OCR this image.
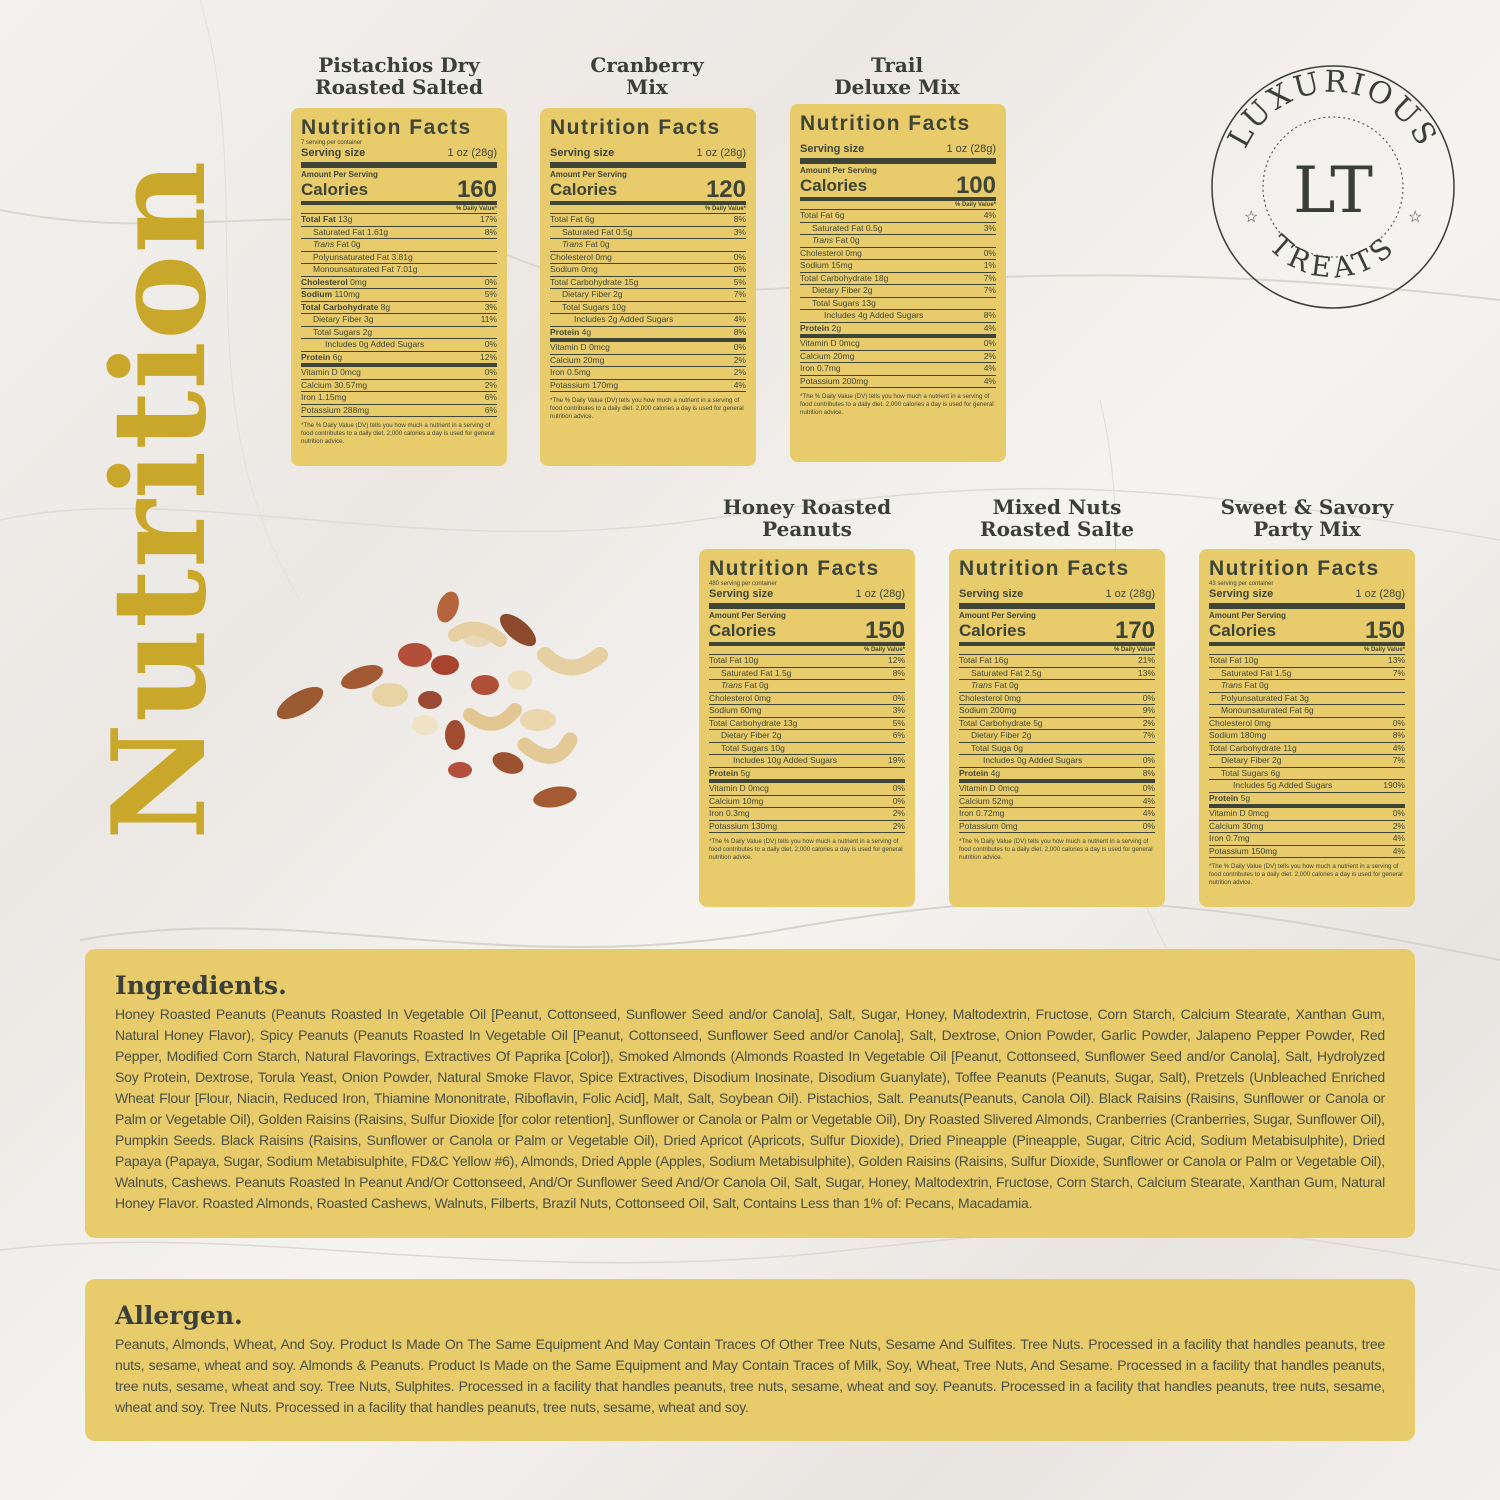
Nutrition
LUXURIOUS
TREATS
LT
☆	☆
Pistachios Dry
Roasted Salted
Cranberry
Mix
Trail
Deluxe Mix
Honey Roasted
Peanuts
Mixed Nuts
Roasted Salte
Sweet & Savory
Party Mix
Nutrition Facts
7 serving per container
Serving size	1 oz (28g)
Amount Per Serving
Calories	160
% Daily Value*
Total Fat 13g	17%
Saturated Fat 1.61g	8%
Trans Fat 0g
Polyunsaturated Fat 3.81g
Monounsaturated Fat 7.01g
Cholesterol 0mg	0%
Sodium 110mg	5%
Total Carbohydrate 8g	3%
Dietary Fiber 3g	11%
Total Sugars 2g
Includes 0g Added Sugars	0%
Protein 6g	12%
Vitamin D 0mcg	0%
Calcium 30.57mg	2%
Iron 1.15mg	6%
Potassium 288mg	6%
*The % Daily Value (DV) tells you how much a nutrient in a serving of food contributes to a daily diet. 2,000 calories a day is used for general nutrition advice.
Nutrition Facts
Serving size	1 oz (28g)
Amount Per Serving
Calories	120
% Daily Value*
Total Fat 6g	8%
Saturated Fat 0.5g	3%
Trans Fat 0g
Cholesterol 0mg	0%
Sodium 0mg	0%
Total Carbohydrate 15g	5%
Dietary Fiber 2g	7%
Total Sugars 10g
Includes 2g Added Sugars	4%
Protein 4g	8%
Vitamin D 0mcg	0%
Calcium 20mg	2%
Iron 0.5mg	2%
Potassium 170mg	4%
*The % Daily Value (DV) tells you how much a nutrient in a serving of food contributes to a daily diet. 2,000 calories a day is used for general nutrition advice.
Nutrition Facts
Serving size	1 oz (28g)
Amount Per Serving
Calories	100
% Daily Value*
Total Fat 6g	4%
Saturated Fat 0.5g	3%
Trans Fat 0g
Cholesterol 0mg	0%
Sodium 15mg	1%
Total Carbohydrate 18g	7%
Dietary Fiber 2g	7%
Total Sugars 13g
Includes 4g Added Sugars	8%
Protein 2g	4%
Vitamin D 0mcg	0%
Calcium 20mg	2%
Iron 0.7mg	4%
Potassium 200mg	4%
*The % Daily Value (DV) tells you how much a nutrient in a serving of food contributes to a daily diet. 2,000 calories a day is used for general nutrition advice.
Nutrition Facts
480 serving per container
Serving size	1 oz (28g)
Amount Per Serving
Calories	150
% Daily Value*
Total Fat 10g	12%
Saturated Fat 1.5g	8%
Trans Fat 0g
Cholesterol 0mg	0%
Sodium 60mg	3%
Total Carbohydrate 13g	5%
Dietary Fiber 2g	6%
Total Sugars 10g
Includes 10g Added Sugars	19%
Protein 5g
Vitamin D 0mcg	0%
Calcium 10mg	0%
Iron 0.3mg	2%
Potassium 130mg	2%
*The % Daily Value (DV) tells you how much a nutrient in a serving of food contributes to a daily diet. 2,000 calories a day is used for general nutrition advice.
Nutrition Facts
Serving size	1 oz (28g)
Amount Per Serving
Calories	170
% Daily Value*
Total Fat 16g	21%
Saturated Fat 2.5g	13%
Trans Fat 0g
Cholesterol 0mg	0%
Sodium 200mg	9%
Total Carbohydrate 5g	2%
Dietary Fiber 2g	7%
Total Suga 0g
Includes 0g Added Sugars	0%
Protein 4g	8%
Vitamin D 0mcg	0%
Calcium 52mg	4%
Iron 0.72mg	4%
Potassium 0mg	0%
*The % Daily Value (DV) tells you how much a nutrient in a serving of food contributes to a daily diet. 2,000 calories a day is used for general nutrition advice.
Nutrition Facts
43 serving per container
Serving size	1 oz (28g)
Amount Per Serving
Calories	150
% Daily Value*
Total Fat 10g	13%
Saturated Fat 1.5g	7%
Trans Fat 0g
Polyunsaturated Fat 3g
Monounsaturated Fat 6g
Cholesterol 0mg	0%
Sodium 180mg	8%
Total Carbohydrate 11g	4%
Dietary Fiber 2g	7%
Total Sugars 6g
Includes 5g Added Sugars	190%
Protein 5g
Vitamin D 0mcg	0%
Calcium 30mg	2%
Iron 0.7mg	4%
Potassium 150mg	4%
*The % Daily Value (DV) tells you how much a nutrient in a serving of food contributes to a daily diet. 2,000 calories a day is used for general nutrition advice.
Ingredients.

Honey Roasted Peanuts (Peanuts Roasted In Vegetable Oil [Peanut, Cottonseed, Sunflower Seed and/or Canola], Salt, Sugar, Honey, Maltodextrin, Fructose, Corn Starch, Calcium Stearate, Xanthan Gum, Natural Honey Flavor), Spicy Peanuts (Peanuts Roasted In Vegetable Oil [Peanut, Cottonseed, Sunflower Seed and/or Canola], Salt, Dextrose, Onion Powder, Garlic Powder, Jalapeno Pepper Powder, Red Pepper, Modified Corn Starch, Natural Flavorings, Extractives Of Paprika [Color]), Smoked Almonds (Almonds Roasted In Vegetable Oil [Peanut, Cottonseed, Sunflower Seed and/or Canola], Salt, Hydrolyzed Soy Protein, Dextrose, Torula Yeast, Onion Powder, Natural Smoke Flavor, Spice Extractives, Disodium Inosinate, Disodium Guanylate), Toffee Peanuts (Peanuts, Sugar, Salt), Pretzels (Unbleached Enriched Wheat Flour [Flour, Niacin, Reduced Iron, Thiamine Mononitrate, Riboflavin, Folic Acid], Malt, Salt, Soybean Oil). Pistachios, Salt. Peanuts(Peanuts, Canola Oil). Black Raisins (Raisins, Sunflower or Canola or Palm or Vegetable Oil), Golden Raisins (Raisins, Sulfur Dioxide [for color retention], Sunflower or Canola or Palm or Vegetable Oil), Dry Roasted Slivered Almonds, Cranberries (Cranberries, Sugar, Sunflower Oil), Pumpkin Seeds. Black Raisins (Raisins, Sunflower or Canola or Palm or Vegetable Oil), Dried Apricot (Apricots, Sulfur Dioxide), Dried Pineapple (Pineapple, Sugar, Citric Acid, Sodium Metabisulphite), Dried Papaya (Papaya, Sugar, Sodium Metabisulphite, FD&C Yellow #6), Almonds, Dried Apple (Apples, Sodium Metabisulphite), Golden Raisins (Raisins, Sulfur Dioxide, Sunflower or Canola or Palm or Vegetable Oil), Walnuts, Cashews. Peanuts Roasted In Peanut And/Or Cottonseed, And/Or Sunflower Seed And/Or Canola Oil, Salt, Sugar, Honey, Maltodextrin, Fructose, Corn Starch, Calcium Stearate, Xanthan Gum, Natural Honey Flavor. Roasted Almonds, Roasted Cashews, Walnuts, Filberts, Brazil Nuts, Cottonseed Oil, Salt, Contains Less than 1% of: Pecans, Macadamia.

Allergen.

Peanuts, Almonds, Wheat, And Soy. Product Is Made On The Same Equipment And May Contain Traces Of Other Tree Nuts, Sesame And Sulfites. Tree Nuts. Processed in a facility that handles peanuts, tree nuts, sesame, wheat and soy. Almonds & Peanuts. Product Is Made on the Same Equipment and May Contain Traces of Milk, Soy, Wheat, Tree Nuts, And Sesame. Processed in a facility that handles peanuts, tree nuts, sesame, wheat and soy. Tree Nuts, Sulphites. Processed in a facility that handles peanuts, tree nuts, sesame, wheat and soy. Peanuts. Processed in a facility that handles peanuts, tree nuts, sesame, wheat and soy. Tree Nuts. Processed in a facility that handles peanuts, tree nuts, sesame, wheat and soy.
